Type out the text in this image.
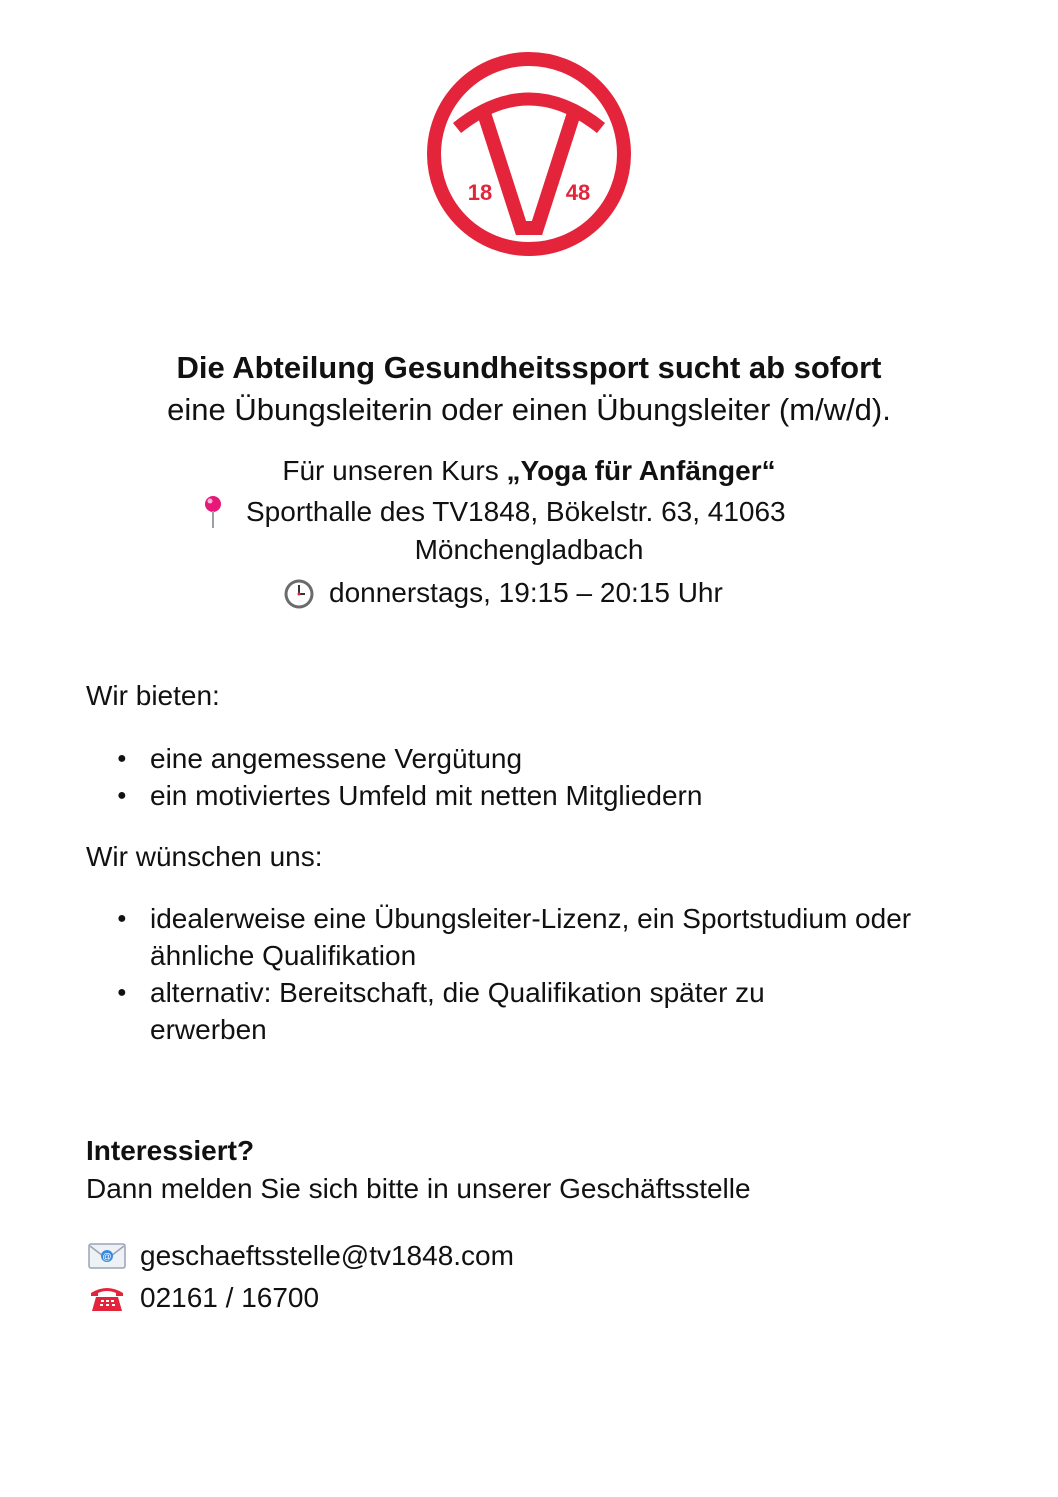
18	48
Die Abteilung Gesundheitssport sucht ab sofort
eine Übungsleiterin oder einen Übungsleiter (m/w/d).
Für unseren Kurs „Yoga für Anfänger“
Sporthalle des TV1848, Bökelstr. 63, 41063
Mönchengladbach
donnerstags, 19:15 – 20:15 Uhr
Wir bieten:
● eine angemessene Vergütung
● ein motiviertes Umfeld mit netten Mitgliedern
Wir wünschen uns:
● idealerweise eine Übungsleiter-Lizenz, ein Sportstudium oder ähnliche Qualifikation
● alternativ: Bereitschaft, die Qualifikation später zu erwerben
Interessiert?
Dann melden Sie sich bitte in unserer Geschäftsstelle
@ geschaeftsstelle@tv1848.com
02161 / 16700
